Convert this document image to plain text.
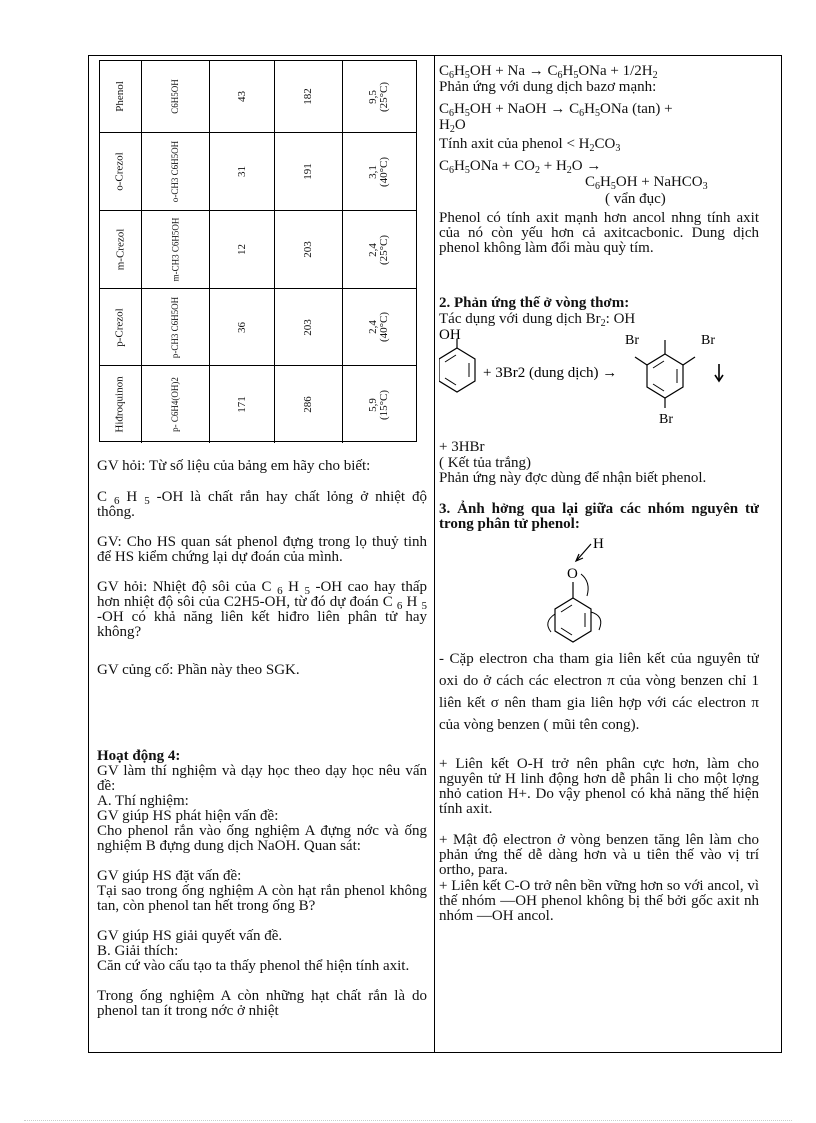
Phenol	C6H5OH	43	182	9,5 (25°C)
o-Crezol	o-CH3 C6H5OH	31	191	3,1 (40°C)
m-Crezol	m-CH3 C6H5OH	12	203	2,4 (25°C)
p-Crezol	p-CH3 C6H5OH	36	203	2,4 (40°C)
Hiđroquinon	p- C6H4(OH)2	171	286	5,9 (15°C)

GV hỏi: Từ số liệu của bảng em hãy cho biết:

C $_6$ H $_5$ -OH là chất rắn hay chất lỏng ở nhiệt độ thông.

GV: Cho HS quan sát phenol đựng trong lọ thuỷ tinh để HS kiểm chứng lại dự đoán của mình.

GV hỏi: Nhiệt độ sôi của C $_6$ H $_5$ -OH cao hay thấp hơn nhiệt độ sôi của C2H5-OH, từ đó dự đoán C $_6$ H $_5$ -OH có khả năng liên kết hiđro liên phân tử hay không?

GV củng cố: Phần này theo SGK.

Hoạt động 4:

GV làm thí nghiệm và dạy học theo dạy học nêu vấn đề:

A. Thí nghiệm:

GV giúp HS phát hiện vấn đề:

Cho phenol rắn vào ống nghiệm A đựng nớc và ống nghiệm B đựng dung dịch NaOH. Quan sát:

GV giúp HS đặt vấn đề:

Tại sao trong ống nghiệm A còn hạt rắn phenol không tan, còn phenol tan hết trong ống B?

GV giúp HS giải quyết vấn đề.

B. Giải thích:

Căn cứ vào cấu tạo ta thấy phenol thể hiện tính axit.

Trong ống nghiệm A còn những hạt chất rắn là do phenol tan ít trong nớc ở nhiệt

$C_6H_5OH + Na \to C_6H_5ONa + 1/2H_2$

Phản ứng với dung dịch bazơ mạnh:

$C_6H_5OH$ + NaOH → $C_6H_5ONa$ (tan) +

$H_2O$

Tính axit của phenol < $H_2CO_3$

$C_6H_5ONa + CO_2 + H_2O$ →

$C_6H_5OH$ + NaHCO$_3$

( vẩn đục)

Phenol có tính axit mạnh hơn ancol nhng tính axit của nó còn yếu hơn cả axitcacbonic. Dung dịch phenol không làm đổi màu quỳ tím.

2. Phản ứng thế ở vòng thơm:

Tác dụng với dung dịch $Br_2$: OH

OH
+ 3Br2 (dung dịch) →
Br	Br
Br

+ 3HBr

( Kết tủa trắng)

Phản ứng này đợc dùng để nhận biết phenol.

3. Ảnh hởng qua lại giữa các nhóm nguyên tử trong phân tử phenol:

H
O

- Cặp electron cha tham gia liên kết của nguyên tử oxi do ở cách các electron π của vòng benzen chỉ 1 liên kết σ nên tham gia liên hợp với các electron π của vòng benzen ( mũi tên cong).

+ Liên kết O-H trở nên phân cực hơn, làm cho nguyên tử H linh động hơn dễ phân li cho một lợng nhỏ cation H+. Do vậy phenol có khả năng thế hiện tính axit.

+ Mật độ electron ở vòng benzen tăng lên làm cho phản ứng thế dễ dàng hơn và u tiên thế vào vị trí ortho, para.

+ Liên kết C-O trở nên bền vững hơn so với ancol, vì thế nhóm —OH phenol không bị thế bởi gốc axit nh nhóm —OH ancol.
